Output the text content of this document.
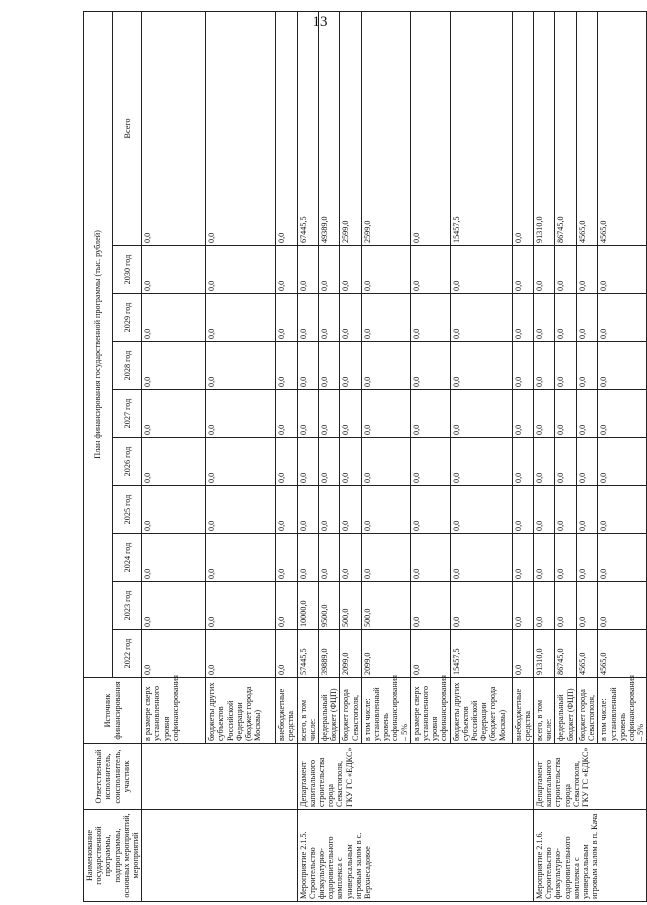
13
Наименование государственной программы, подпрограммы, основных мероприятий, мероприятий	Ответственный исполнитель, соисполнитель, участник	Источник финансирования	План финансирования государственной программы (тыс. рублей)									
			2022 год	2023 год	2024 год	2025 год	2026 год	2027 год	2028 год	2029 год	2030 год	Всего
		в размере сверх установленного уровня софинансирования	0,0	0,0	0,0	0,0	0,0	0,0	0,0	0,0	0,0	0,0
		бюджеты других субъектов Российской Федерации (бюджет города Москвы)	0,0	0,0	0,0	0,0	0,0	0,0	0,0	0,0	0,0	0,0
		внебюджетные средства	0,0	0,0	0,0	0,0	0,0	0,0	0,0	0,0	0,0	0,0
Мероприятие 2.1.5. Строительство физкультурно-оздоровительного комплекса с универсальным игровым залом в с. Верхнесадовое	Департамент капитального строительства города Севастополя, ГКУ ГС «ЕДКС»	всего, в том числе:	57445,5	10000,0	0,0	0,0	0,0	0,0	0,0	0,0	0,0	67445,5
		федеральный бюджет (ФЦП)	39889,0	9500,0	0,0	0,0	0,0	0,0	0,0	0,0	0,0	49389,0
		бюджет города Севастополя,	2099,0	500,0	0,0	0,0	0,0	0,0	0,0	0,0	0,0	2599,0
		в том числе: установленный уровень софинансирования – 5%	2099,0	500,0	0,0	0,0	0,0	0,0	0,0	0,0	0,0	2599,0
		в размере сверх установленного уровня софинансирования	0,0	0,0	0,0	0,0	0,0	0,0	0,0	0,0	0,0	0,0
		бюджеты других субъектов Российской Федерации (бюджет города Москвы)	15457,5	0,0	0,0	0,0	0,0	0,0	0,0	0,0	0,0	15457,5
		внебюджетные средства	0,0	0,0	0,0	0,0	0,0	0,0	0,0	0,0	0,0	0,0
Мероприятие 2.1.6. Строительство физкультурно-оздоровительного комплекса с универсальным игровым залом в п. Кача	Департамент капитального строительства города Севастополя, ГКУ ГС «ЕДКС»	всего, в том числе:	91310,0	0,0	0,0	0,0	0,0	0,0	0,0	0,0	0,0	91310,0
		федеральный бюджет (ФЦП)	86745,0	0,0	0,0	0,0	0,0	0,0	0,0	0,0	0,0	86745,0
		бюджет города Севастополя,	4565,0	0,0	0,0	0,0	0,0	0,0	0,0	0,0	0,0	4565,0
		в том числе: установленный уровень софинансирования – 5%	4565,0	0,0	0,0	0,0	0,0	0,0	0,0	0,0	0,0	4565,0
